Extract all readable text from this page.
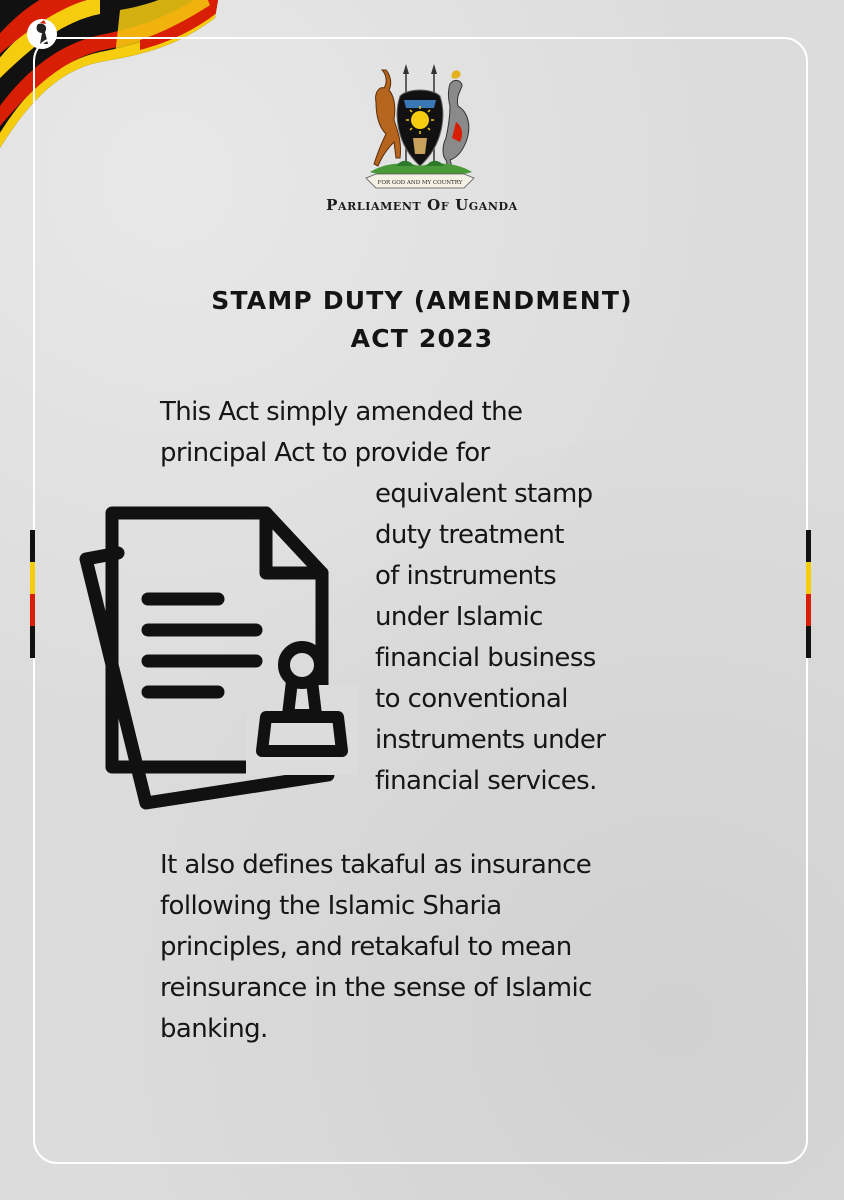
FOR GOD AND MY COUNTRY
Parliament Of Uganda
STAMP DUTY (AMENDMENT)
ACT 2023
This Act simply amended the
principal Act to provide for
equivalent stamp
duty treatment
of instruments
under Islamic
financial business
to conventional
instruments under
financial services.
It also defines takaful as insurance
following the Islamic Sharia
principles, and retakaful to mean
reinsurance in the sense of Islamic
banking.
